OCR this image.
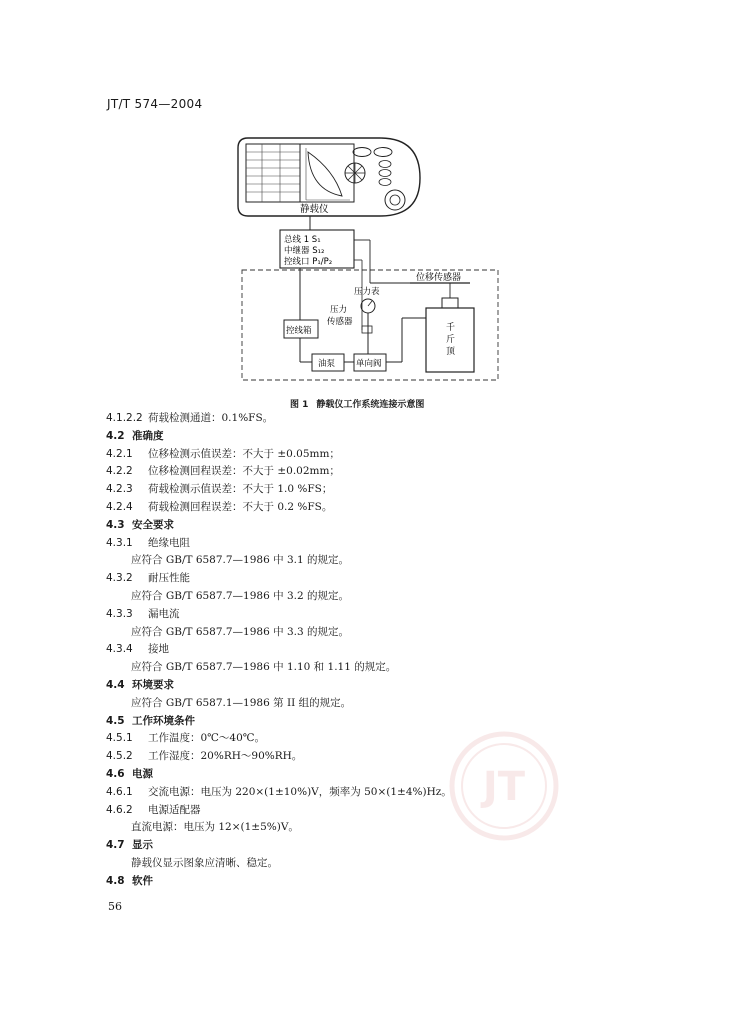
JT/T 574—2004
静载仪
总线 1 S₁
中继器 S₁₂
控线口 P₁/P₂
位移传感器
压力表
压力
传感器
控线箱
油泵 单向阀
千
斤
顶
图 1 静载仪工作系统连接示意图
4.1.2.2 荷载检测通道：0.1%FS。
4.2 准确度
4.2.1 位移检测示值误差：不大于 ±0.05mm；
4.2.2 位移检测回程误差：不大于 ±0.02mm；
4.2.3 荷载检测示值误差：不大于 1.0 %FS；
4.2.4 荷载检测回程误差：不大于 0.2 %FS。
4.3 安全要求
4.3.1 绝缘电阻
应符合 GB/T 6587.7—1986 中 3.1 的规定。
4.3.2 耐压性能
应符合 GB/T 6587.7—1986 中 3.2 的规定。
4.3.3 漏电流
应符合 GB/T 6587.7—1986 中 3.3 的规定。
4.3.4 接地
应符合 GB/T 6587.7—1986 中 1.10 和 1.11 的规定。
4.4 环境要求
应符合 GB/T 6587.1—1986 第 II 组的规定。
4.5 工作环境条件
4.5.1 工作温度：0℃～40℃。
4.5.2 工作湿度：20%RH～90%RH。
4.6 电源
4.6.1 交流电源：电压为 220×(1±10%)V，频率为 50×(1±4%)Hz。
4.6.2 电源适配器
直流电源：电压为 12×(1±5%)V。
4.7 显示
静载仪显示图象应清晰、稳定。
4.8 软件
JT
56
